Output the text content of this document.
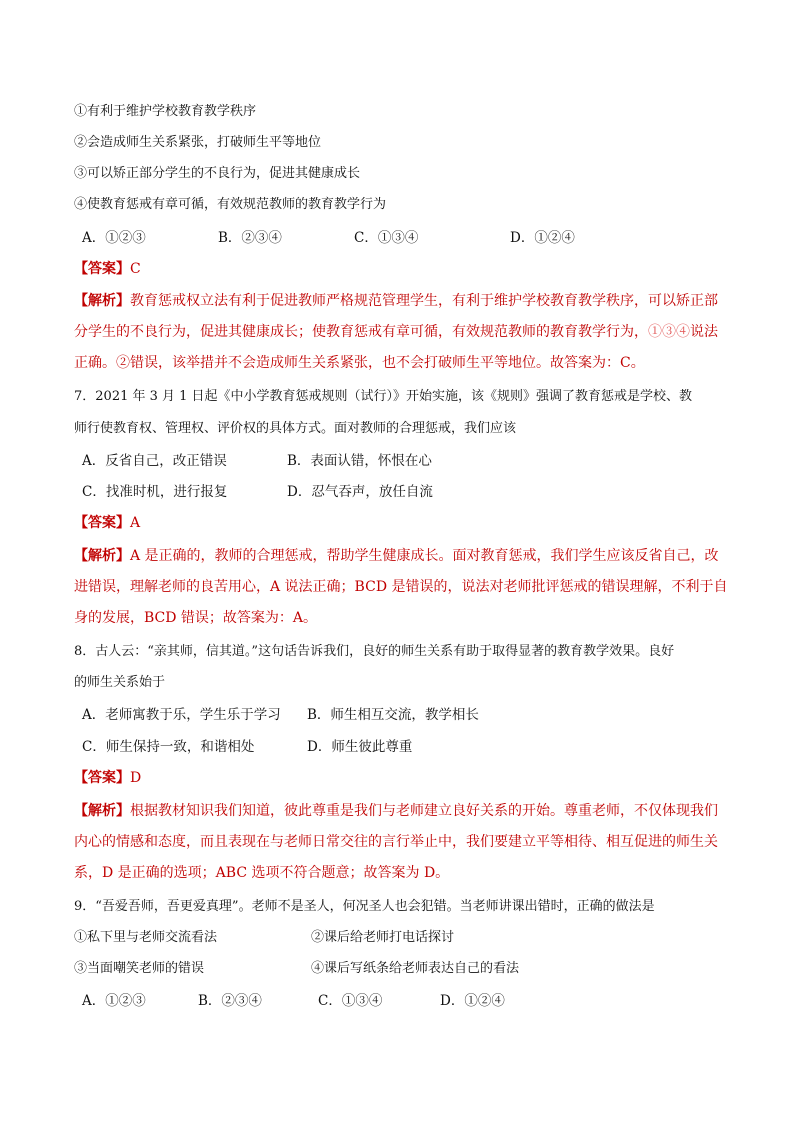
①有利于维护学校教育教学秩序
②会造成师生关系紧张，打破师生平等地位
③可以矫正部分学生的不良行为，促进其健康成长
④使教育惩戒有章可循，有效规范教师的教育教学行为
A．①②③	B．②③④	C．①③④	D．①②④
【答案】C
【解析】教育惩戒权立法有利于促进教师严格规范管理学生，有利于维护学校教育教学秩序，可以矫正部
分学生的不良行为，促进其健康成长；使教育惩戒有章可循，有效规范教师的教育教学行为，①③④说法
正确。②错误，该举措并不会造成师生关系紧张，也不会打破师生平等地位。故答案为：C。
7．2021 年 3 月 1 日起《中小学教育惩戒规则（试行）》开始实施，该《规则》强调了教育惩戒是学校、教
师行使教育权、管理权、评价权的具体方式。面对教师的合理惩戒，我们应该
A．反省自己，改正错误	B．表面认错，怀恨在心
C．找准时机，进行报复	D．忍气吞声，放任自流
【答案】A
【解析】A 是正确的，教师的合理惩戒，帮助学生健康成长。面对教育惩戒，我们学生应该反省自己，改
进错误，理解老师的良苦用心，A 说法正确；BCD 是错误的，说法对老师批评惩戒的错误理解，不利于自
身的发展，BCD 错误；故答案为：A。
8．古人云：“亲其师，信其道。”这句话告诉我们，良好的师生关系有助于取得显著的教育教学效果。良好
的师生关系始于
A．老师寓教于乐，学生乐于学习 B．师生相互交流，教学相长
C．师生保持一致，和谐相处	D．师生彼此尊重
【答案】D
【解析】根据教材知识我们知道，彼此尊重是我们与老师建立良好关系的开始。尊重老师，不仅体现我们
内心的情感和态度，而且表现在与老师日常交往的言行举止中，我们要建立平等相待、相互促进的师生关
系，D 是正确的选项；ABC 选项不符合题意；故答案为 D。
9．“吾爱吾师，吾更爱真理”。老师不是圣人，何况圣人也会犯错。当老师讲课出错时，正确的做法是
①私下里与老师交流看法	②课后给老师打电话探讨
③当面嘲笑老师的错误	④课后写纸条给老师表达自己的看法
A．①②③	B．②③④	C．①③④	D．①②④
